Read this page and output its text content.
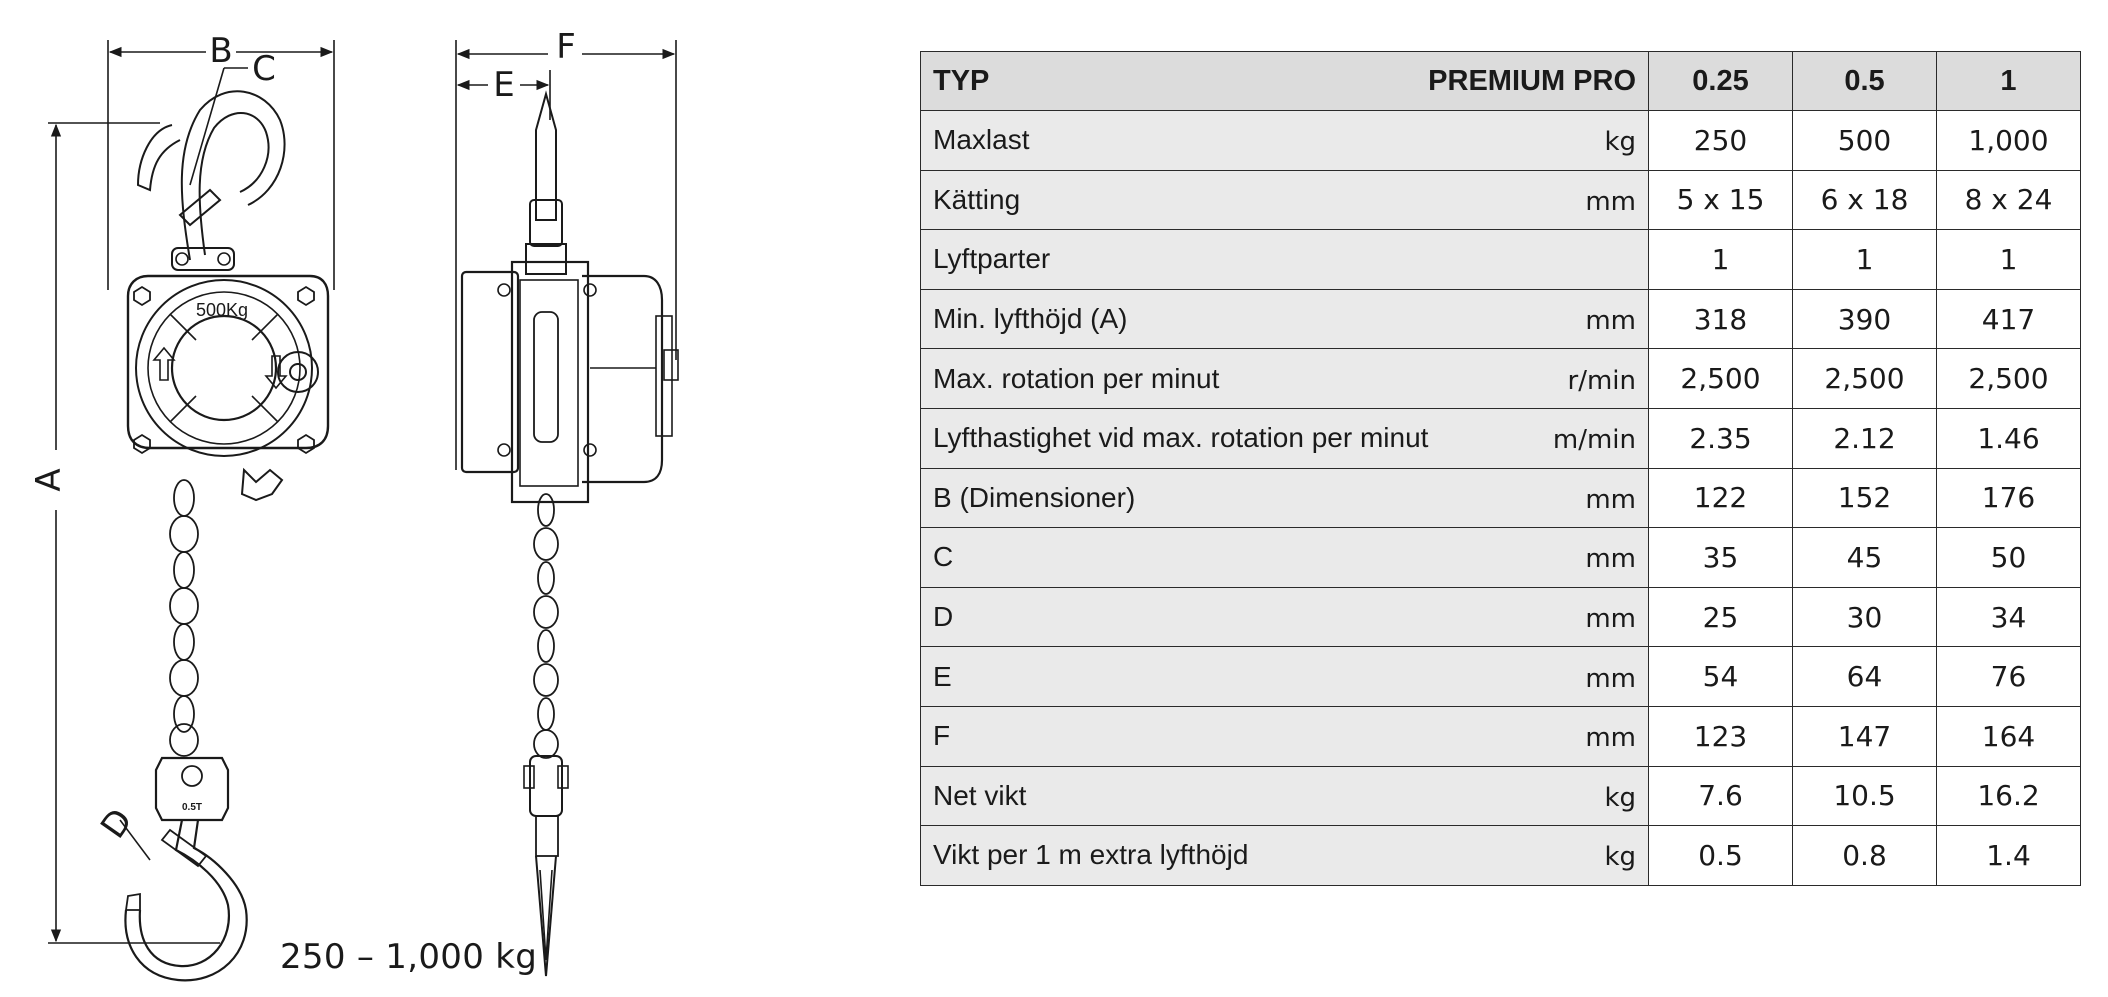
B C
A
D
E
F
500Kg
0.5T
250 – 1,000 kg
TYP PREMIUM PRO	0.25	0.5	1

Maxlast kg	250	500	1,000

Kätting mm	5 x 15	6 x 18	8 x 24

Lyftparter	1	1	1

Min. lyfthöjd (A) mm	318	390	417

Max. rotation per minut r/min	2,500	2,500	2,500

Lyfthastighet vid max. rotation per minut m/min	2.35	2.12	1.46

B (Dimensioner) mm	122	152	176

C mm	35	45	50

D mm	25	30	34

E mm	54	64	76

F mm	123	147	164

Net vikt kg	7.6	10.5	16.2

Vikt per 1 m extra lyfthöjd kg	0.5	0.8	1.4
